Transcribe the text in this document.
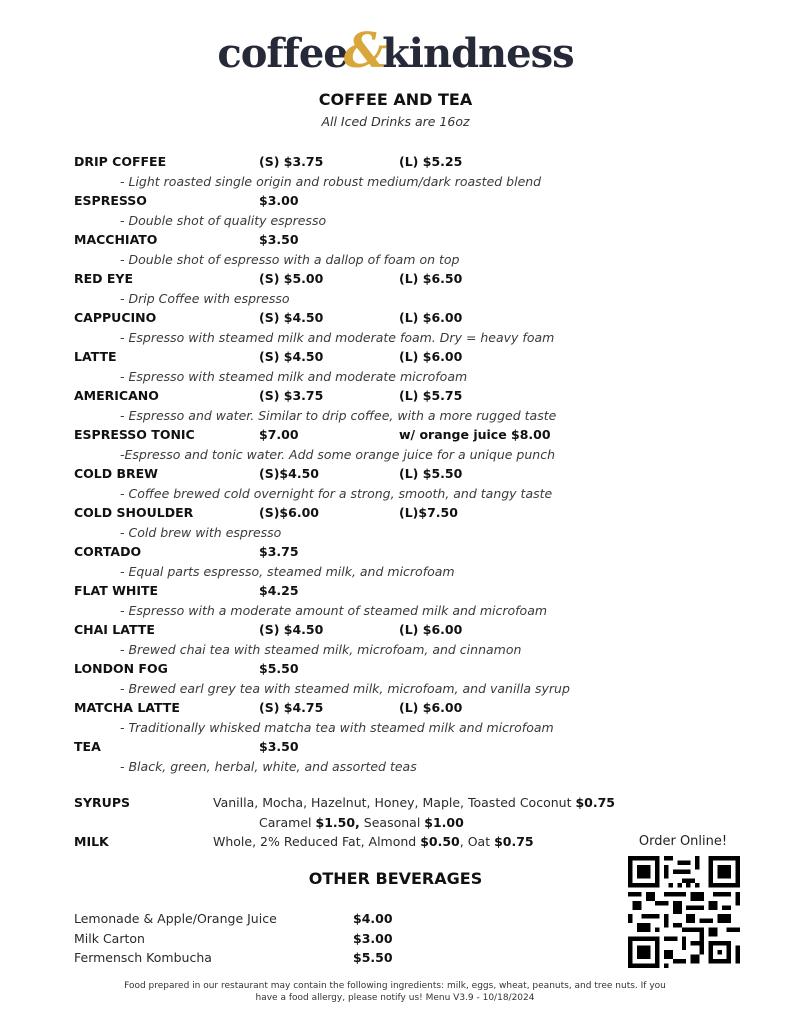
coffee&kindness
COFFEE AND TEA
All Iced Drinks are 16oz
DRIP COFFEE	(S) $3.75	(L) $5.25
- Light roasted single origin and robust medium/dark roasted blend
ESPRESSO	$3.00
- Double shot of quality espresso
MACCHIATO	$3.50
- Double shot of espresso with a dallop of foam on top
RED EYE	(S) $5.00	(L) $6.50
- Drip Coffee with espresso
CAPPUCINO	(S) $4.50	(L) $6.00
- Espresso with steamed milk and moderate foam. Dry = heavy foam
LATTE	(S) $4.50	(L) $6.00
- Espresso with steamed milk and moderate microfoam
AMERICANO	(S) $3.75	(L) $5.75
- Espresso and water. Similar to drip coffee, with a more rugged taste
ESPRESSO TONIC	$7.00	w/ orange juice $8.00
-Espresso and tonic water. Add some orange juice for a unique punch
COLD BREW	(S)$4.50	(L) $5.50
- Coffee brewed cold overnight for a strong, smooth, and tangy taste
COLD SHOULDER	(S)$6.00	(L)$7.50
- Cold brew with espresso
CORTADO	$3.75
- Equal parts espresso, steamed milk, and microfoam
FLAT WHITE	$4.25
- Espresso with a moderate amount of steamed milk and microfoam
CHAI LATTE	(S) $4.50	(L) $6.00
- Brewed chai tea with steamed milk, microfoam, and cinnamon
LONDON FOG	$5.50
- Brewed earl grey tea with steamed milk, microfoam, and vanilla syrup
MATCHA LATTE	(S) $4.75	(L) $6.00
- Traditionally whisked matcha tea with steamed milk and microfoam
TEA	$3.50
- Black, green, herbal, white, and assorted teas
SYRUPS	Vanilla, Mocha, Hazelnut, Honey, Maple, Toasted Coconut $0.75
Caramel $1.50, Seasonal $1.00
MILK	Whole, 2% Reduced Fat, Almond $0.50, Oat $0.75
OTHER BEVERAGES
Lemonade & Apple/Orange Juice	$4.00
Milk Carton	$3.00
Fermensch Kombucha	$5.50
Order Online!
Food prepared in our restaurant may contain the following ingredients: milk, eggs, wheat, peanuts, and tree nuts. If you
have a food allergy, please notify us! Menu V3.9 - 10/18/2024
